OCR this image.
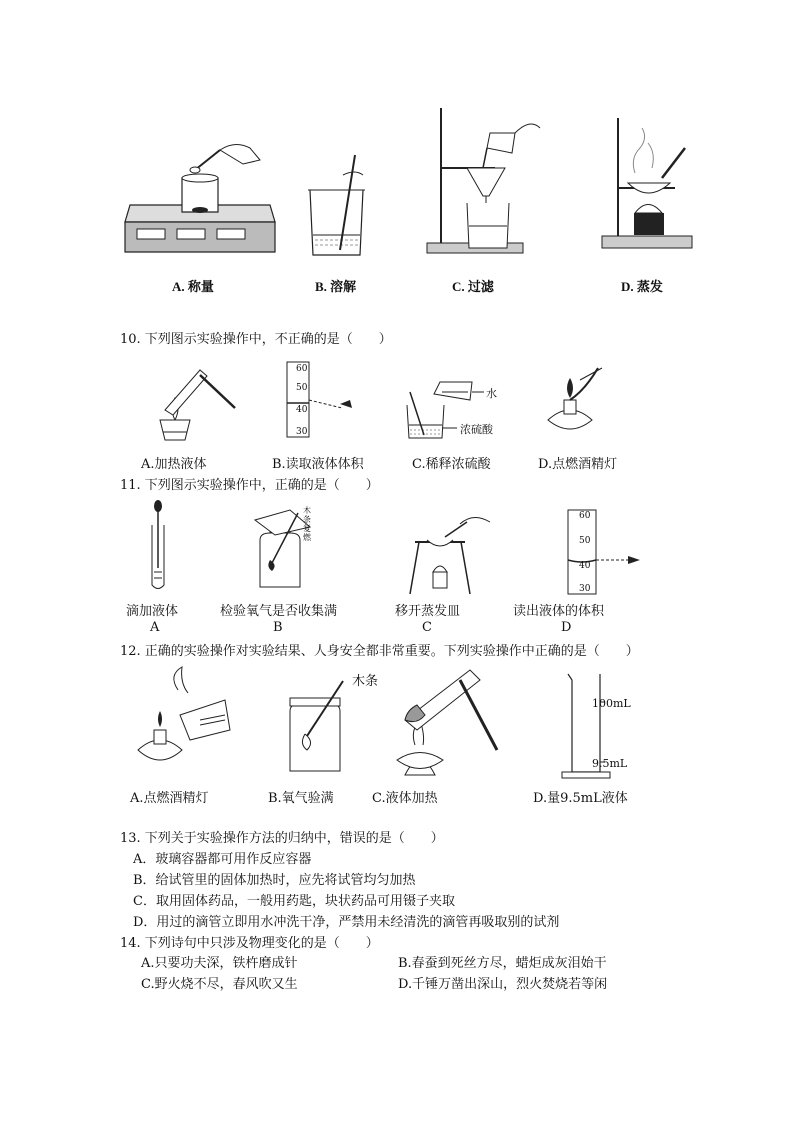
A. 称量	B. 溶解	C. 过滤	D. 蒸发
10. 下列图示实验操作中，不正确的是（　　）
60
50
40
30
水
浓硫酸
A.加热液体	B.读取液体体积	C.稀释浓硫酸	D.点燃酒精灯
11. 下列图示实验操作中，正确的是（　　）
木条复燃
60
50
40
30
滴加液体	检验氧气是否收集满	移开蒸发皿	读出液体的体积
A	B	C	D
12. 正确的实验操作对实验结果、人身安全都非常重要。下列实验操作中正确的是（　　）
木条
100mL
9.5mL
A.点燃酒精灯	B.氧气验满	C.液体加热	D.量9.5mL液体
13. 下列关于实验操作方法的归纳中，错误的是（　　）
A．玻璃容器都可用作反应容器
B．给试管里的固体加热时，应先将试管均匀加热
C．取用固体药品，一般用药匙，块状药品可用镊子夹取
D．用过的滴管立即用水冲洗干净，严禁用未经清洗的滴管再吸取别的试剂
14. 下列诗句中只涉及物理变化的是（　　）
A.只要功夫深，铁杵磨成针	B.春蚕到死丝方尽，蜡炬成灰泪始干
C.野火烧不尽，春风吹又生	D.千锤万凿出深山，烈火焚烧若等闲
